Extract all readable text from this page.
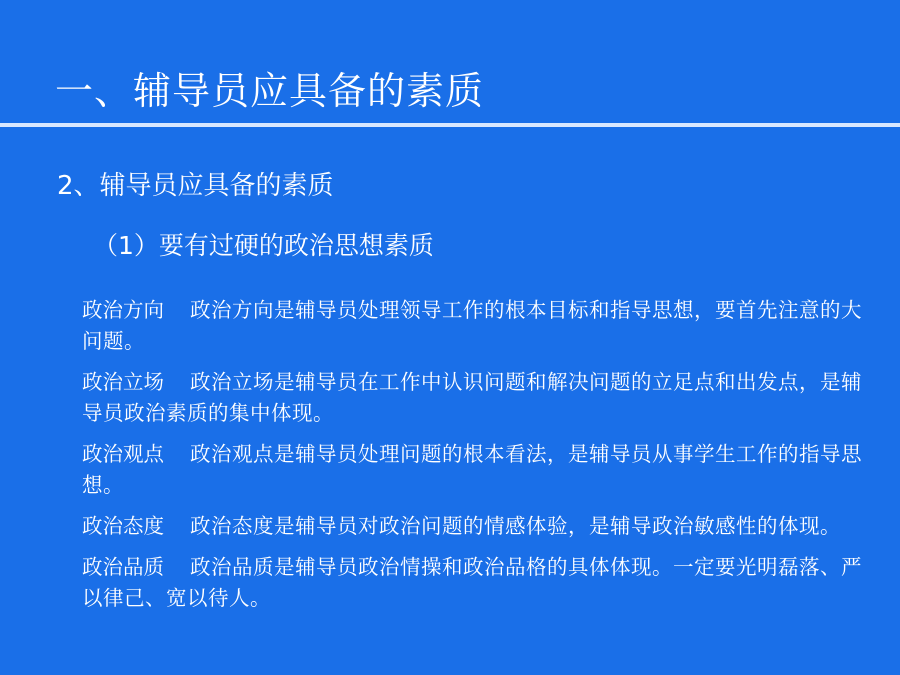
一、辅导员应具备的素质
2、辅导员应具备的素质
（1）要有过硬的政治思想素质
政治方向 政治方向是辅导员处理领导工作的根本目标和指导思想，要首先注意的大问题。
政治立场 政治立场是辅导员在工作中认识问题和解决问题的立足点和出发点，是辅导员政治素质的集中体现。
政治观点 政治观点是辅导员处理问题的根本看法，是辅导员从事学生工作的指导思想。
政治态度 政治态度是辅导员对政治问题的情感体验，是辅导政治敏感性的体现。
政治品质 政治品质是辅导员政治情操和政治品格的具体体现。一定要光明磊落、严以律己、宽以待人。
